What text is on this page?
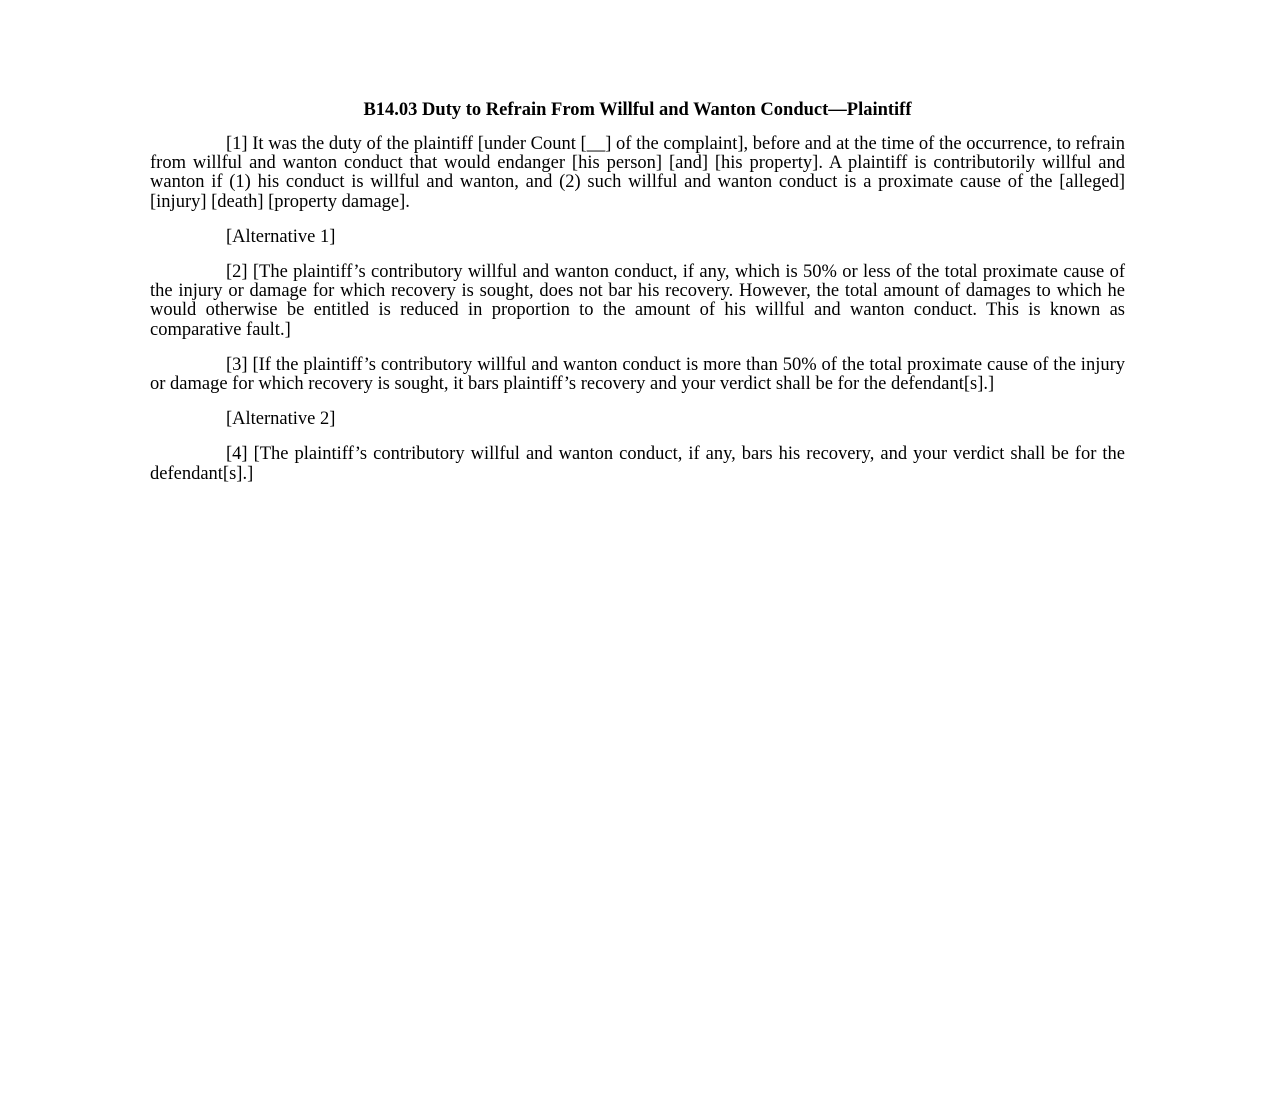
B14.03 Duty to Refrain From Willful and Wanton Conduct—Plaintiff

[1] It was the duty of the plaintiff [under Count [__] of the complaint], before and at the time of the occurrence, to refrain from willful and wanton conduct that would endanger [his person] [and] [his property]. A plaintiff is contributorily willful and wanton if (1) his conduct is willful and wanton, and (2) such willful and wanton conduct is a proximate cause of the [alleged] [injury] [death] [property damage].

[Alternative 1]

[2] [The plaintiff’s contributory willful and wanton conduct, if any, which is 50% or less of the total proximate cause of the injury or damage for which recovery is sought, does not bar his recovery. However, the total amount of damages to which he would otherwise be entitled is reduced in proportion to the amount of his willful and wanton conduct. This is known as comparative fault.]

[3] [If the plaintiff’s contributory willful and wanton conduct is more than 50% of the total proximate cause of the injury or damage for which recovery is sought, it bars plaintiff’s recovery and your verdict shall be for the defendant[s].]

[Alternative 2]

[4] [The plaintiff’s contributory willful and wanton conduct, if any, bars his recovery, and your verdict shall be for the defendant[s].]
